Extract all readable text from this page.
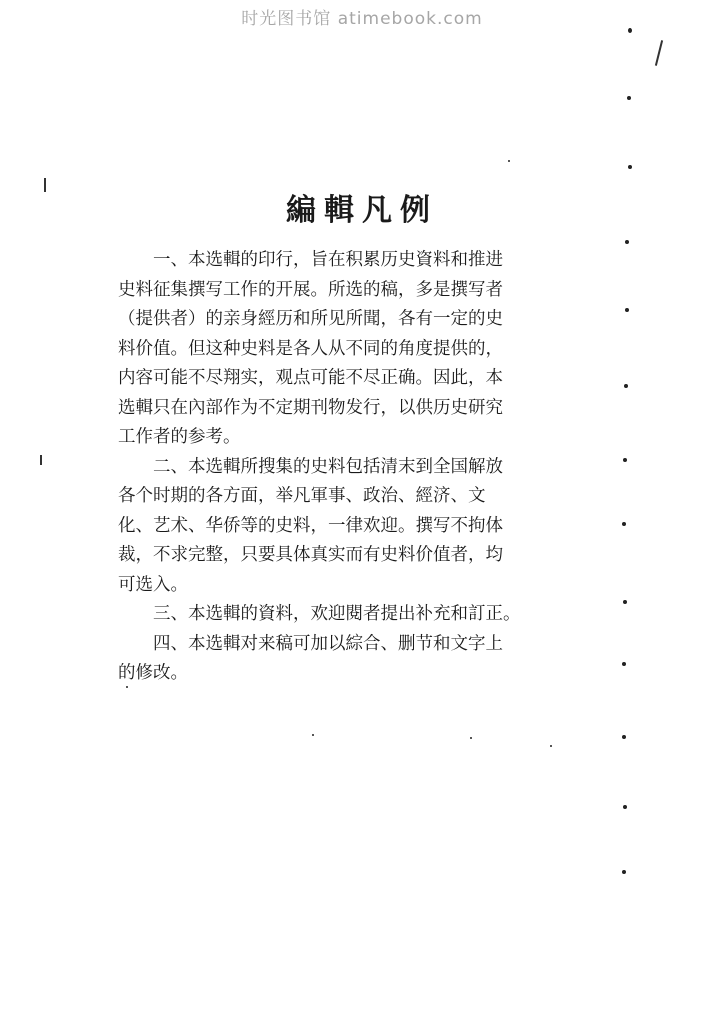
时光图书馆 atimebook.com
編輯凡例
一、本选輯的印行，旨在积累历史資料和推进
史料征集撰写工作的开展。所选的稿，多是撰写者
（提供者）的亲身經历和所见所聞，各有一定的史
料价值。但这种史料是各人从不同的角度提供的，
内容可能不尽翔实，观点可能不尽正确。因此，本
选輯只在內部作为不定期刊物发行，以供历史研究
工作者的参考。
二、本选輯所搜集的史料包括清末到全国解放
各个时期的各方面，举凡軍事、政治、經济、文
化、艺术、华侨等的史料，一律欢迎。撰写不拘体
裁，不求完整，只要具体真实而有史料价值者，均
可选入。
三、本选輯的資料，欢迎閱者提出补充和訂正。
四、本选輯对来稿可加以綜合、删节和文字上
的修改。
